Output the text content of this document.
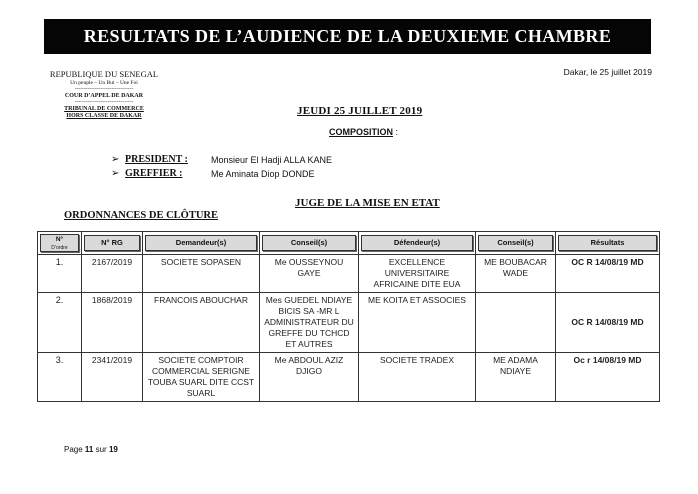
RESULTATS DE L’AUDIENCE DE LA DEUXIEME CHAMBRE
REPUBLIQUE DU SENEGAL
Un peuple – Un But – Une Foi
--------------------------------
COUR D’APPEL DE DAKAR
--------------------------------
TRIBUNAL DE COMMERCE
HORS CLASSE DE DAKAR
Dakar, le 25 juillet 2019
JEUDI 25 JUILLET 2019
COMPOSITION :
➢ PRESIDENT :	Monsieur El Hadji ALLA KANE
➢ GREFFIER :	Me Aminata Diop DONDE
JUGE DE LA MISE EN ETAT
ORDONNANCES DE CLÔTURE
N°
D’ordre	N° RG	Demandeur(s)	Conseil(s)	Défendeur(s)	Conseil(s)	Résultats

1.	2167/2019	SOCIETE SOPASEN	Me OUSSEYNOU GAYE	EXCELLENCE UNIVERSITAIRE AFRICAINE DITE EUA	ME BOUBACAR WADE	OC R 14/08/19 MD
2.	1868/2019	FRANCOIS ABOUCHAR	Mes GUEDEL NDIAYE BICIS SA -MR L ADMINISTRATEUR DU GREFFE DU TCHCD ET AUTRES	ME KOITA ET ASSOCIES		OC R 14/08/19 MD
3.	2341/2019	SOCIETE COMPTOIR COMMERCIAL SERIGNE TOUBA SUARL DITE CCST SUARL	Me ABDOUL AZIZ DJIGO	SOCIETE TRADEX	ME ADAMA NDIAYE	Oc r 14/08/19 MD
Page 11 sur 19
